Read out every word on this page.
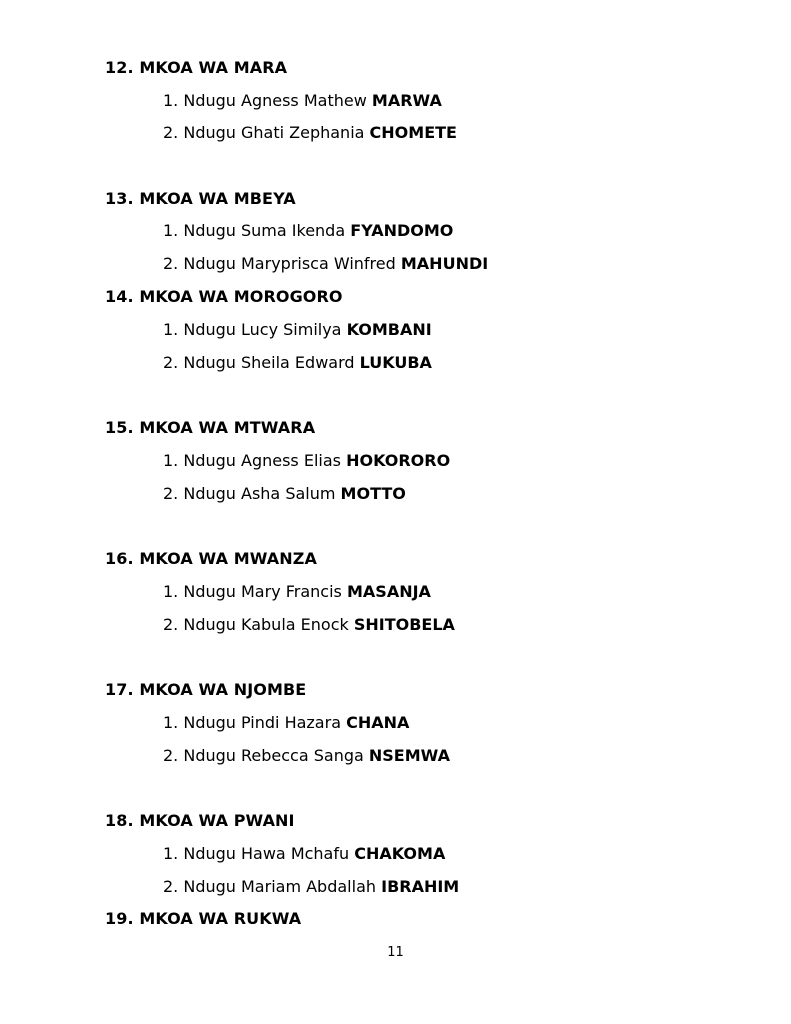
12. MKOA WA MARA
1. Ndugu Agness Mathew MARWA
2. Ndugu Ghati Zephania CHOMETE
13. MKOA WA MBEYA
1. Ndugu Suma Ikenda FYANDOMO
2. Ndugu Maryprisca Winfred MAHUNDI
14. MKOA WA MOROGORO
1. Ndugu Lucy Similya KOMBANI
2. Ndugu Sheila Edward LUKUBA
15. MKOA WA MTWARA
1. Ndugu Agness Elias HOKORORO
2. Ndugu Asha Salum MOTTO
16. MKOA WA MWANZA
1. Ndugu Mary Francis MASANJA
2. Ndugu Kabula Enock SHITOBELA
17. MKOA WA NJOMBE
1. Ndugu Pindi Hazara CHANA
2. Ndugu Rebecca Sanga NSEMWA
18. MKOA WA PWANI
1. Ndugu Hawa Mchafu CHAKOMA
2. Ndugu Mariam Abdallah IBRAHIM
19. MKOA WA RUKWA
11
